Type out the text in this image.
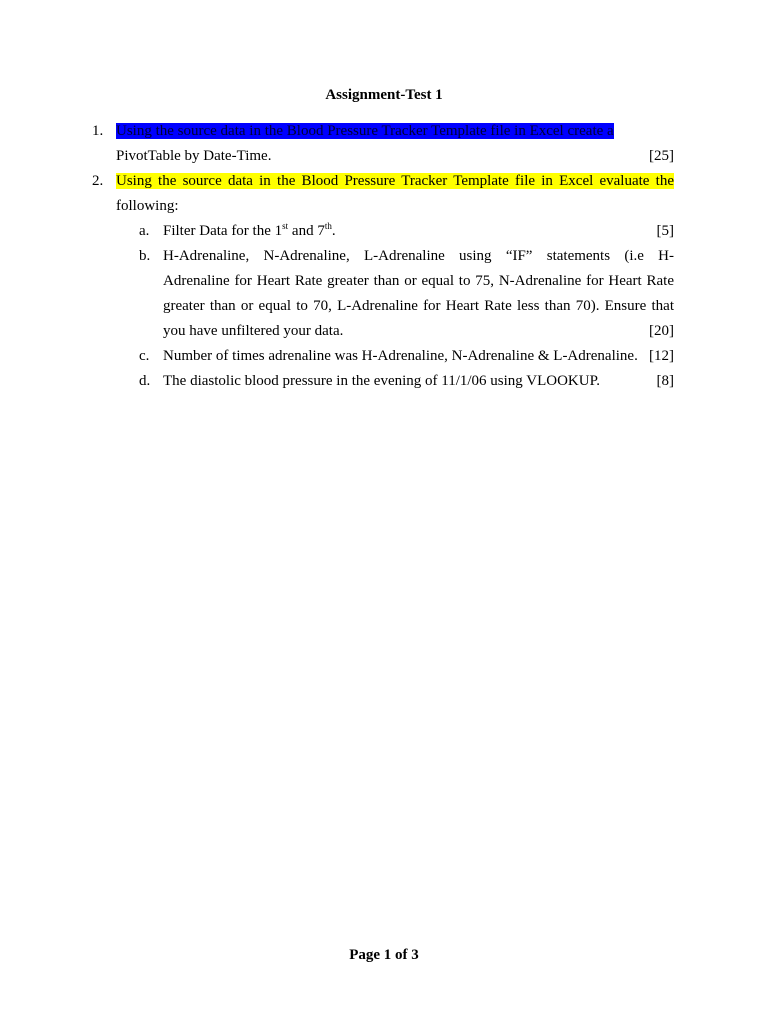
Assignment-Test 1
1. Using the source data in the Blood Pressure Tracker Template file in Excel create a
PivotTable by Date-Time.	[25]
2. Using the source data in the Blood Pressure Tracker Template file in Excel evaluate the
following:
a. Filter Data for the 1st and 7th.	[5]
b. H-Adrenaline, N-Adrenaline, L-Adrenaline using “IF” statements (i.e H-
Adrenaline for Heart Rate greater than or equal to 75, N-Adrenaline for Heart Rate
greater than or equal to 70, L-Adrenaline for Heart Rate less than 70). Ensure that
you have unfiltered your data.	[20]
c. Number of times adrenaline was H-Adrenaline, N-Adrenaline & L-Adrenaline. [12]
d. The diastolic blood pressure in the evening of 11/1/06 using VLOOKUP.	[8]
Page 1 of 3
